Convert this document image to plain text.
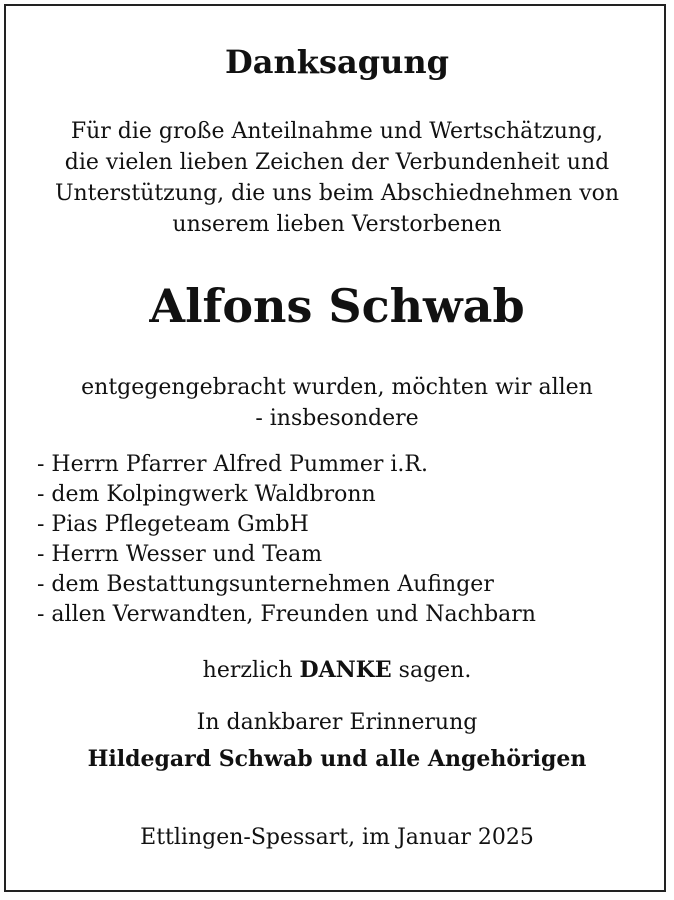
Danksagung
Für die große Anteilnahme und Wertschätzung,
die vielen lieben Zeichen der Verbundenheit und
Unterstützung, die uns beim Abschiednehmen von
unserem lieben Verstorbenen
Alfons Schwab
entgegengebracht wurden, möchten wir allen
- insbesondere
- Herrn Pfarrer Alfred Pummer i.R.
- dem Kolpingwerk Waldbronn
- Pias Pflegeteam GmbH
- Herrn Wesser und Team
- dem Bestattungsunternehmen Aufinger
- allen Verwandten, Freunden und Nachbarn
herzlich DANKE sagen.
In dankbarer Erinnerung
Hildegard Schwab und alle Angehörigen
Ettlingen-Spessart, im Januar 2025
